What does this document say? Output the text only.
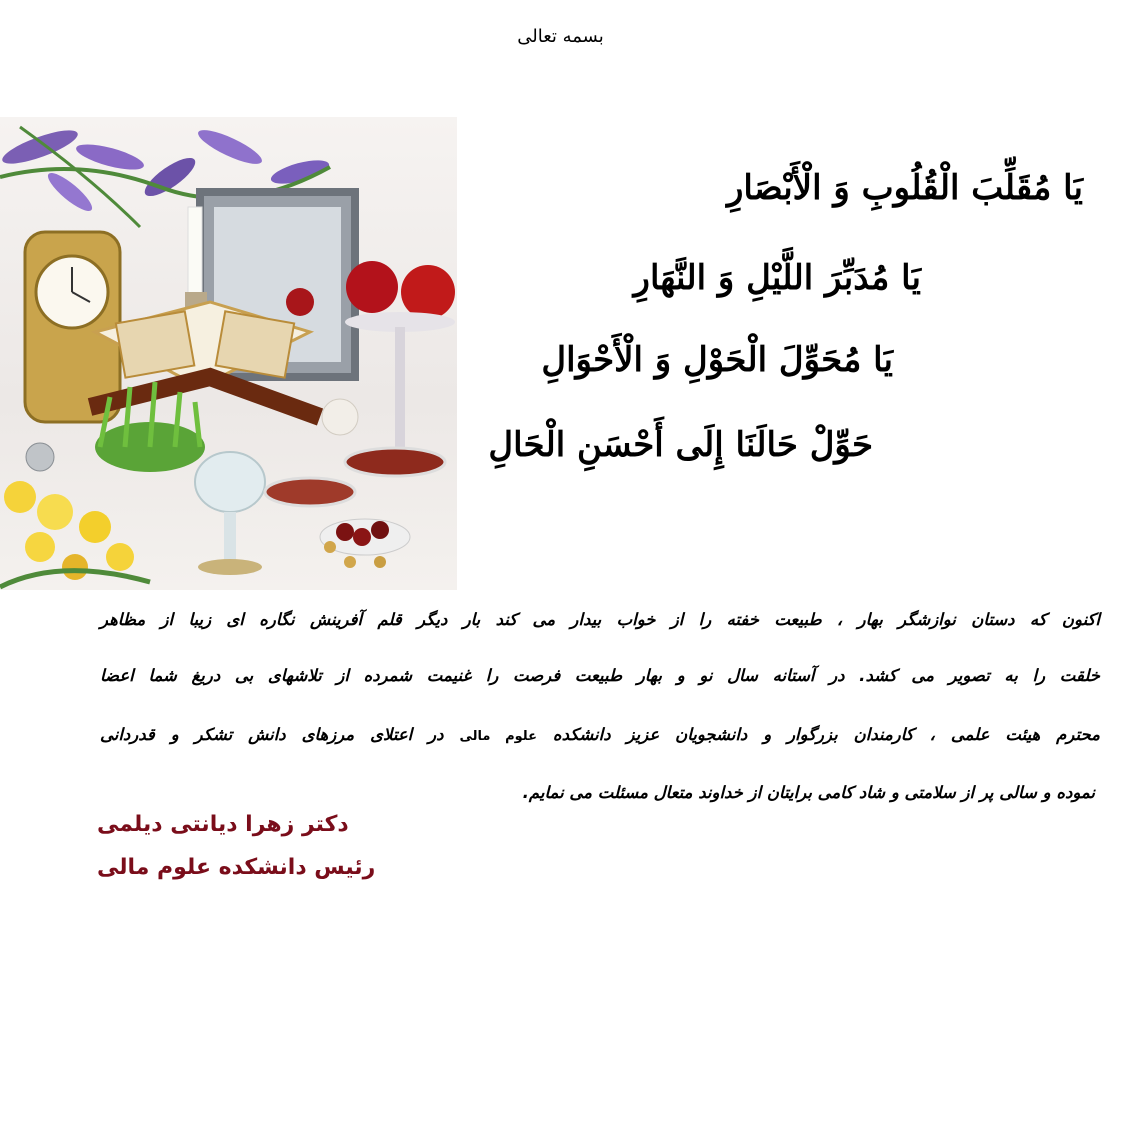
بسمه تعالی
یَا مُقَلِّبَ الْقُلُوبِ وَ الْأَبْصَارِ
یَا مُدَبِّرَ اللَّیْلِ وَ النَّهَارِ
یَا مُحَوِّلَ الْحَوْلِ وَ الْأَحْوَالِ
حَوِّلْ حَالَنَا إِلَی أَحْسَنِ الْحَالِ
اکنون که دستان نوازشگر بهار ، طبیعت خفته را از خواب بیدار می کند بار دیگر قلم آفرینش نگاره ای زیبا از مظاهر
خلقت را به تصویر می کشد. در آستانه سال نو و بهار طبیعت فرصت را غنیمت شمرده از تلاشهای بی دریغ شما اعضا
محترم هیئت علمی ، کارمندان بزرگوار و دانشجویان عزیز دانشکده علوم مالی در اعتلای مرزهای دانش تشکر و قدردانی
نموده و سالی پر از سلامتی و شاد کامی برایتان از خداوند متعال مسئلت می نمایم.
دکتر زهرا دیانتی دیلمی
رئیس دانشکده علوم مالی
